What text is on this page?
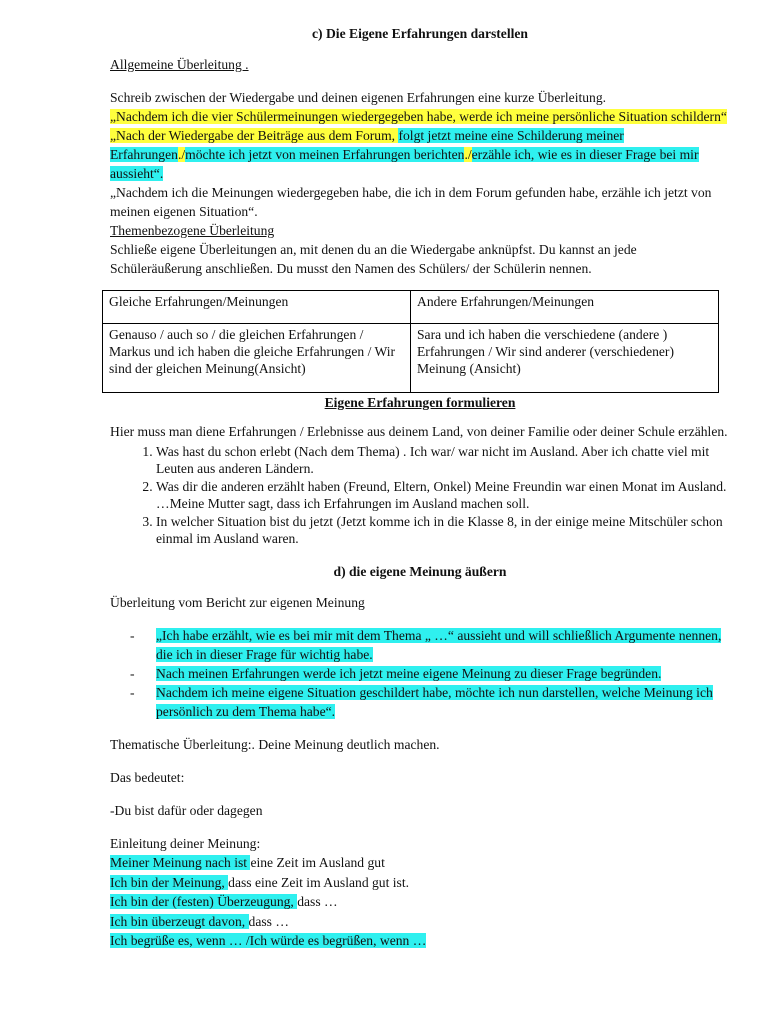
c) Die Eigene Erfahrungen darstellen

Allgemeine Überleitung .

Schreib zwischen der Wiedergabe und deinen eigenen Erfahrungen eine kurze Überleitung.

„Nachdem ich die vier Schülermeinungen wiedergegeben habe, werde ich meine persönliche Situation schildern“

„Nach der Wiedergabe der Beiträge aus dem Forum, folgt jetzt meine eine Schilderung meiner Erfahrungen./möchte ich jetzt von meinen Erfahrungen berichten./erzähle ich, wie es in dieser Frage bei mir aussieht“.

„Nachdem ich die Meinungen wiedergegeben habe, die ich in dem Forum gefunden habe, erzähle ich jetzt von meinen eigenen Situation“.

Themenbezogene Überleitung

Schließe eigene Überleitungen an, mit denen du an die Wiedergabe anknüpfst. Du kannst an jede Schüleräußerung anschließen. Du musst den Namen des Schülers/ der Schülerin nennen.

Gleiche Erfahrungen/Meinungen	Andere Erfahrungen/Meinungen
Genauso / auch so / die gleichen Erfahrungen / Markus und ich haben die gleiche Erfahrungen / Wir sind der gleichen Meinung(Ansicht)	Sara und ich haben die verschiedene (andere ) Erfahrungen / Wir sind anderer (verschiedener) Meinung (Ansicht)
Eigene Erfahrungen formulieren

Hier muss man diene Erfahrungen / Erlebnisse aus deinem Land, von deiner Familie oder deiner Schule erzählen.

1. Was hast du schon erlebt (Nach dem Thema) . Ich war/ war nicht im Ausland. Aber ich chatte viel mit Leuten aus anderen Ländern.
2. Was dir die anderen erzählt haben (Freund, Eltern, Onkel) Meine Freundin war einen Monat im Ausland. …Meine Mutter sagt, dass ich Erfahrungen im Ausland machen soll.
3. In welcher Situation bist du jetzt (Jetzt komme ich in die Klasse 8, in der einige meine Mitschüler schon einmal im Ausland waren.
d) die eigene Meinung äußern

Überleitung vom Bericht zur eigenen Meinung

- „Ich habe erzählt, wie es bei mir mit dem Thema „ …“ aussieht und will schließlich Argumente nennen, die ich in dieser Frage für wichtig habe.
- Nach meinen Erfahrungen werde ich jetzt meine eigene Meinung zu dieser Frage begründen.
- Nachdem ich meine eigene Situation geschildert habe, möchte ich nun darstellen, welche Meinung ich persönlich zu dem Thema habe“.

Thematische Überleitung:. Deine Meinung deutlich machen.

Das bedeutet:

-Du bist dafür oder dagegen

Einleitung deiner Meinung:

Meiner Meinung nach ist eine Zeit im Ausland gut

Ich bin der Meinung, dass eine Zeit im Ausland gut ist.

Ich bin der (festen) Überzeugung, dass …

Ich bin überzeugt davon, dass …

Ich begrüße es, wenn … /Ich würde es begrüßen, wenn …
